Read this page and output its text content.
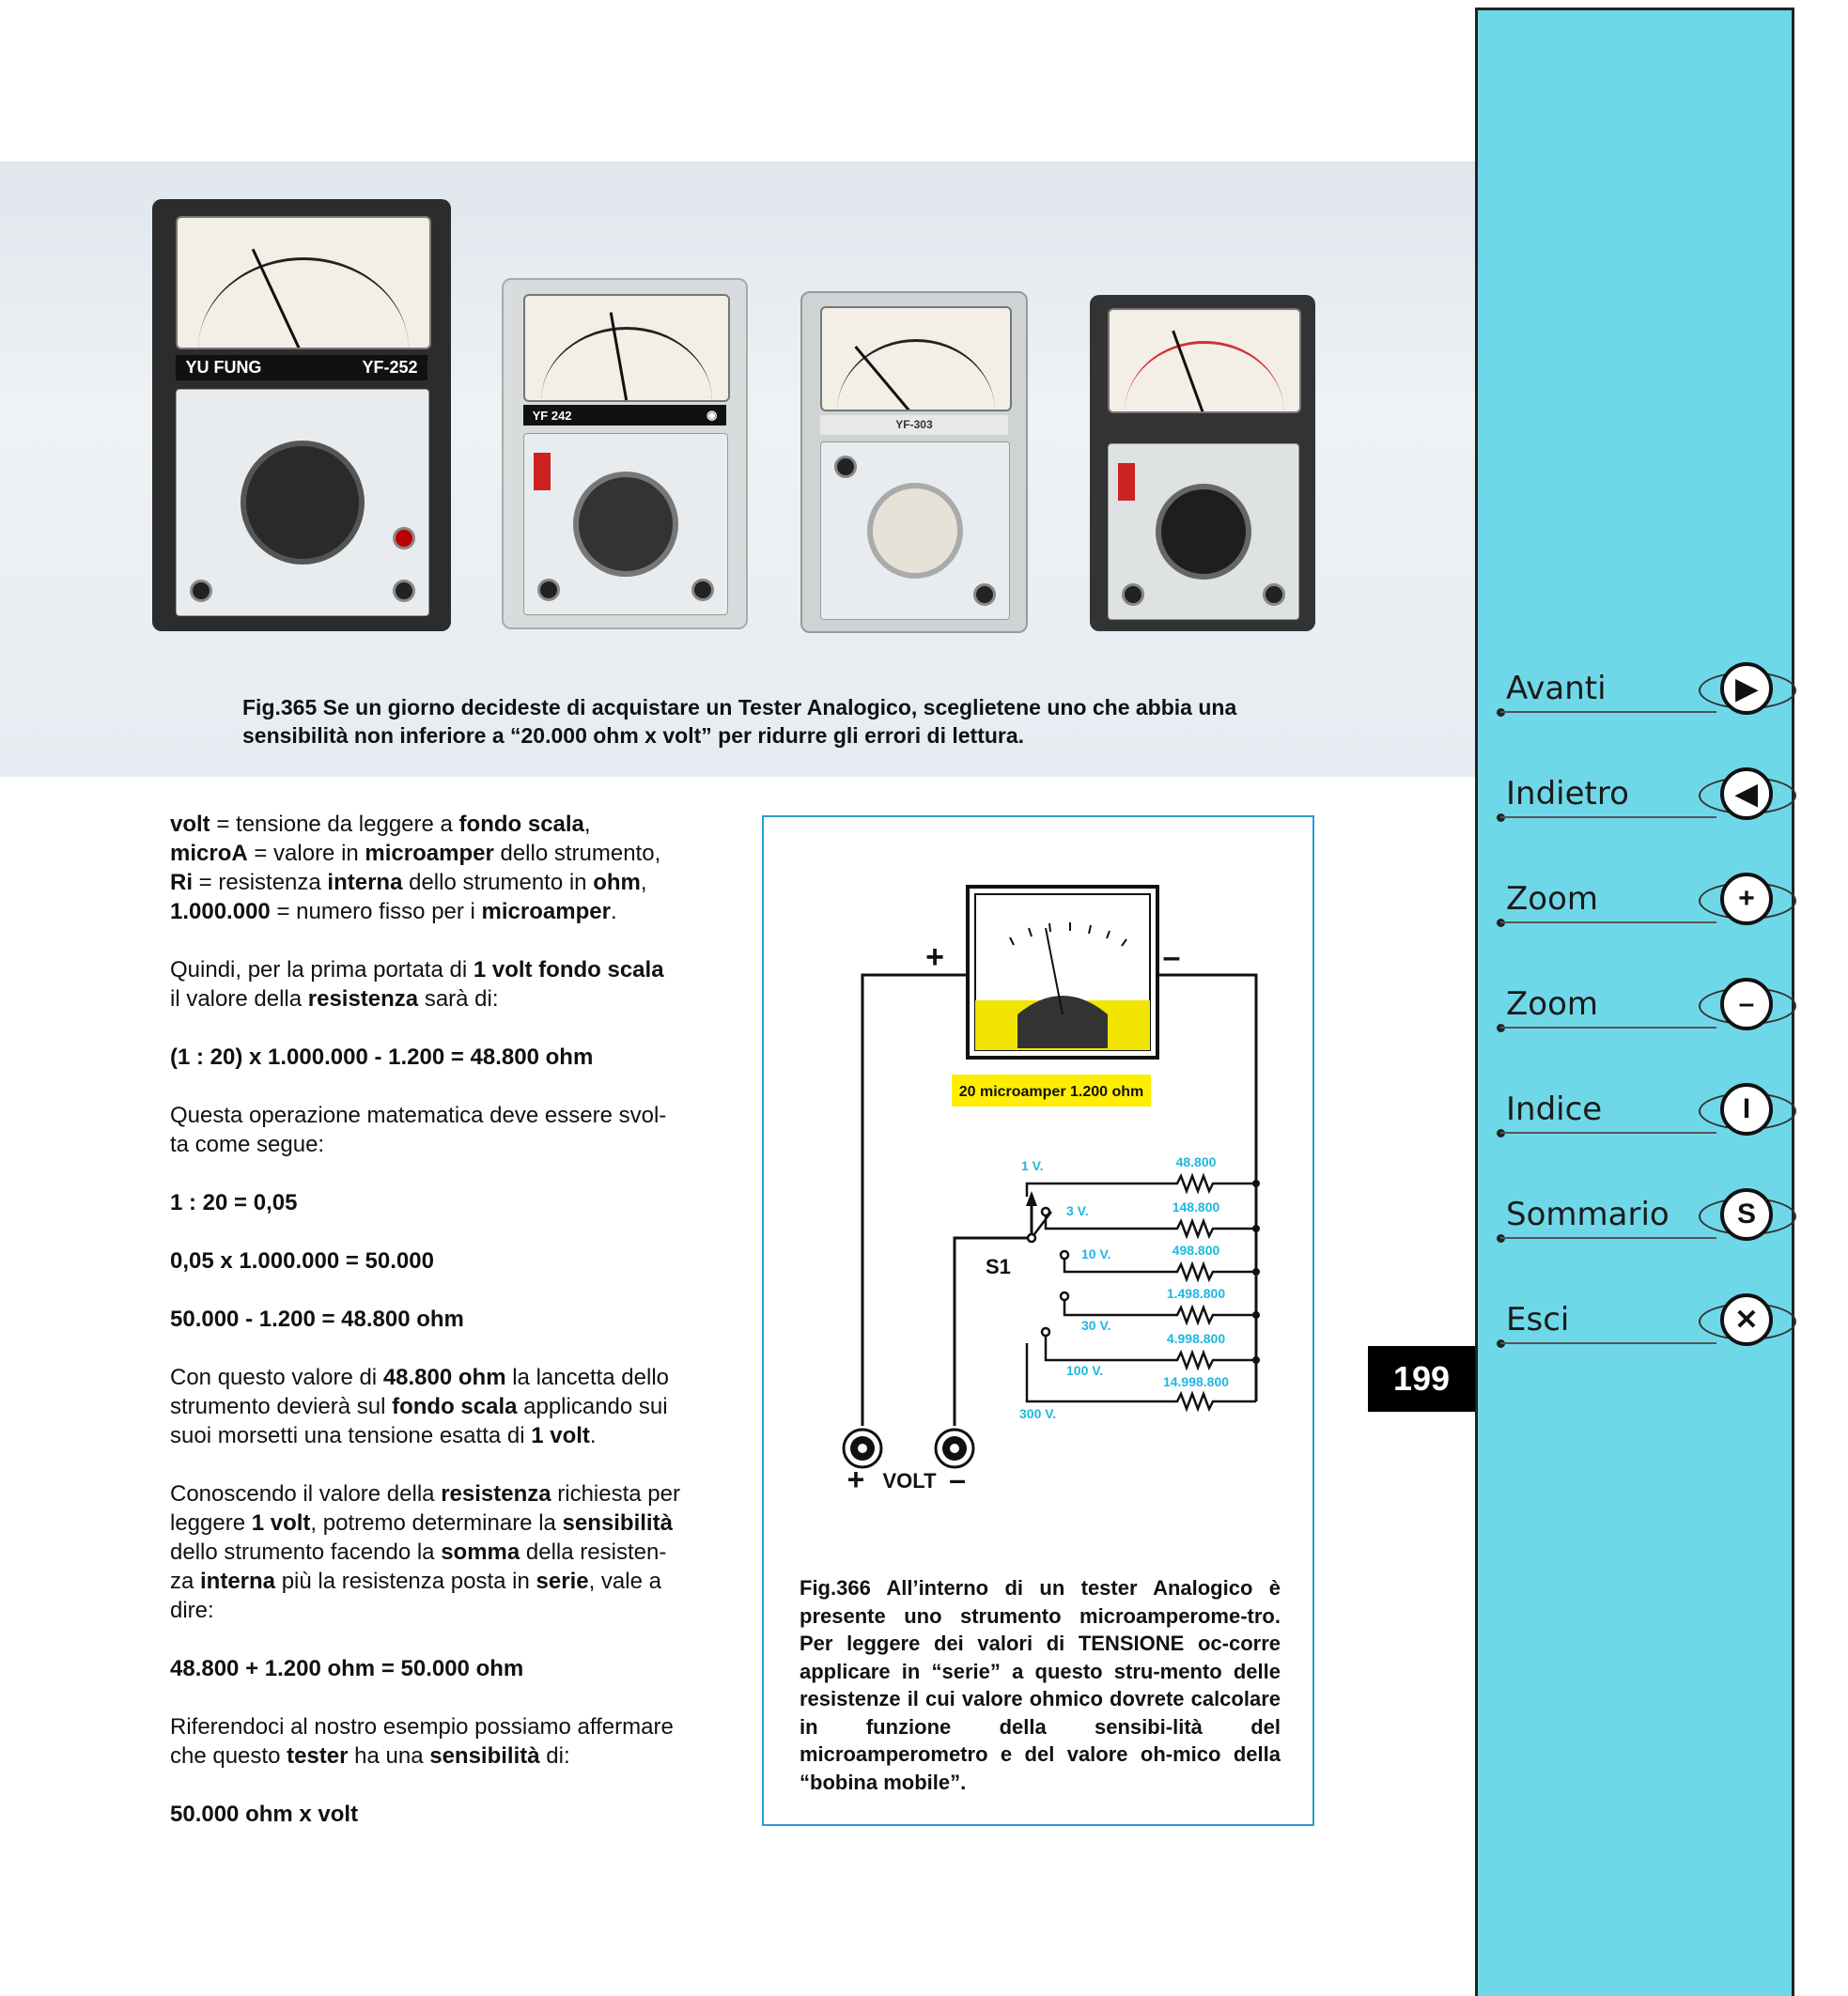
YU FUNG	YF-252
YF 242	◉
YF-303
Fig.365 Se un giorno decideste di acquistare un Tester Analogico, sceglietene uno che abbia una sensibilità non inferiore a “20.000 ohm x volt” per ridurre gli errori di lettura.

volt = tensione da leggere a fondo scala,
microA = valore in microamper dello strumento,
Ri = resistenza interna dello strumento in ohm,
1.000.000 = numero fisso per i microamper.

Quindi, per la prima portata di 1 volt fondo scala
il valore della resistenza sarà di:

(1 : 20) x 1.000.000 - 1.200 = 48.800 ohm

Questa operazione matematica deve essere svol-
ta come segue:

1 : 20 = 0,05

0,05 x 1.000.000 = 50.000

50.000 - 1.200 = 48.800 ohm

Con questo valore di 48.800 ohm la lancetta dello
strumento devierà sul fondo scala applicando sui
suoi morsetti una tensione esatta di 1 volt.

Conoscendo il valore della resistenza richiesta per
leggere 1 volt, potremo determinare la sensibilità
dello strumento facendo la somma della resisten-
za interna più la resistenza posta in serie, vale a
dire:

48.800 + 1.200 ohm = 50.000 ohm

Riferendoci al nostro esempio possiamo affermare
che questo tester ha una sensibilità di:

50.000 ohm x volt

20 microamper 1.200 ohm
+	–
48.800
148.800
498.800
1.498.800
4.998.800
14.998.800
1 V.
3 V.
10 V.
30 V.
100 V.
300 V.
S1
+ VOLT –
Fig.366 All’interno di un tester Analogico è presente uno strumento microamperome-tro. Per leggere dei valori di TENSIONE oc-corre applicare in “serie” a questo stru-mento delle resistenze il cui valore ohmico dovrete calcolare in funzione della sensibi-lità del microamperometro e del valore oh-mico della “bobina mobile”.
199
Avanti	▶
Indietro	◀
Zoom	+
Zoom	–
Indice	I
Sommario	S
Esci	✕
